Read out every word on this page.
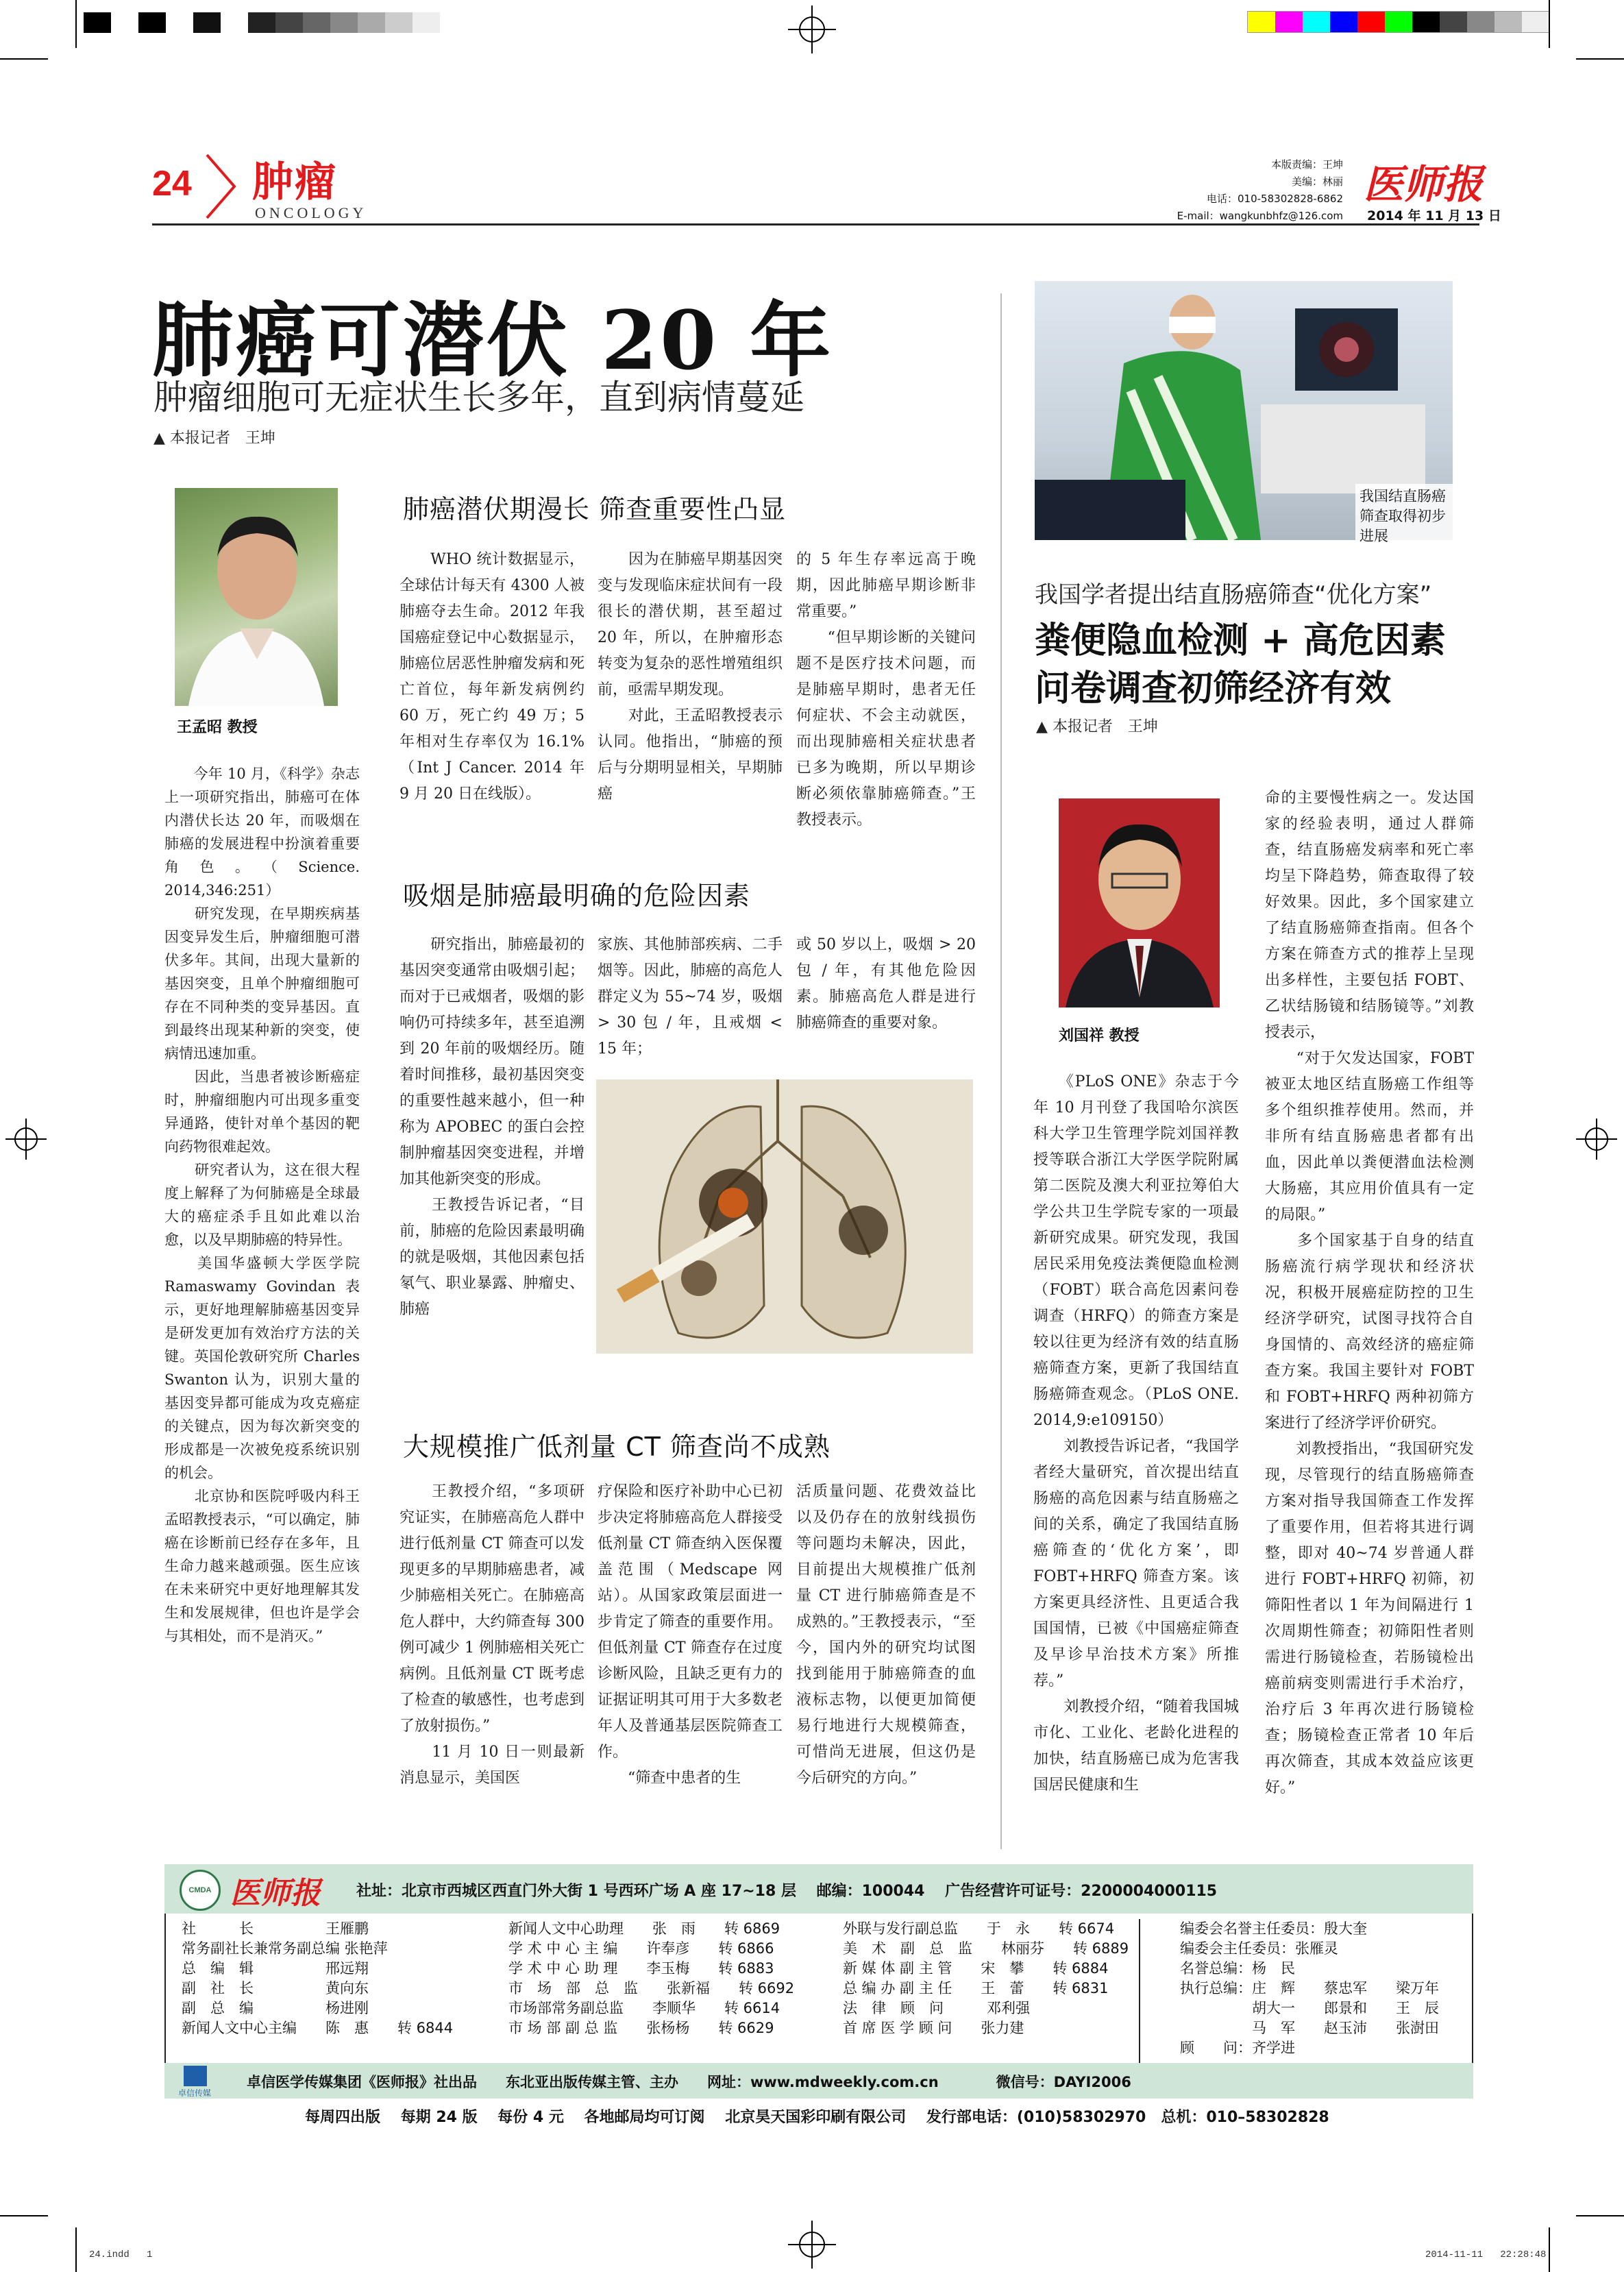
24 肿瘤
ONCOLOGY
本版责编：王坤
美编：林丽
电话：010-58302828-6862
E-mail：wangkunbhfz@126.com
医师报
2014 年 11 月 13 日
肺癌可潜伏 20 年
肿瘤细胞可无症状生长多年，直到病情蔓延
▲ 本报记者　王坤
王孟昭 教授
　　今年 10 月，《科学》杂志上一项研究指出，肺癌可在体内潜伏长达 20 年，而吸烟在肺癌的发展进程中扮演着重要角色。（Science. 2014,346:251）
　　研究发现，在早期疾病基因变异发生后，肿瘤细胞可潜伏多年。其间，出现大量新的基因突变，且单个肿瘤细胞可存在不同种类的变异基因。直到最终出现某种新的突变，使病情迅速加重。
　　因此，当患者被诊断癌症时，肿瘤细胞内可出现多重变异通路，使针对单个基因的靶向药物很难起效。
　　研究者认为，这在很大程度上解释了为何肺癌是全球最大的癌症杀手且如此难以治愈，以及早期肺癌的特异性。
　　美国华盛顿大学医学院 Ramaswamy Govindan 表示，更好地理解肺癌基因变异是研发更加有效治疗方法的关键。英国伦敦研究所 Charles Swanton 认为，识别大量的基因变异都可能成为攻克癌症的关键点，因为每次新突变的形成都是一次被免疫系统识别的机会。
　　北京协和医院呼吸内科王孟昭教授表示，“可以确定，肺癌在诊断前已经存在多年，且生命力越来越顽强。医生应该在未来研究中更好地理解其发生和发展规律，但也许是学会与其相处，而不是消灭。”
肺癌潜伏期漫长 筛查重要性凸显
　　WHO 统计数据显示，全球估计每天有 4300 人被肺癌夺去生命。2012 年我国癌症登记中心数据显示，肺癌位居恶性肿瘤发病和死亡首位，每年新发病例约 60 万，死亡约 49 万；5 年相对生存率仅为 16.1%（Int J Cancer. 2014 年 9 月 20 日在线版）。
　　因为在肺癌早期基因突变与发现临床症状间有一段很长的潜伏期，甚至超过 20 年，所以，在肿瘤形态转变为复杂的恶性增殖组织前，亟需早期发现。
　　对此，王孟昭教授表示认同。他指出，“肺癌的预后与分期明显相关，早期肺癌
的 5 年生存率远高于晚期，因此肺癌早期诊断非常重要。”
　　“但早期诊断的关键问题不是医疗技术问题，而是肺癌早期时，患者无任何症状、不会主动就医，而出现肺癌相关症状患者已多为晚期，所以早期诊断必须依靠肺癌筛查。”王教授表示。
吸烟是肺癌最明确的危险因素
　　研究指出，肺癌最初的基因突变通常由吸烟引起；而对于已戒烟者，吸烟的影响仍可持续多年，甚至追溯到 20 年前的吸烟经历。随着时间推移，最初基因突变的重要性越来越小，但一种称为 APOBEC 的蛋白会控制肿瘤基因突变进程，并增加其他新突变的形成。
　　王教授告诉记者，“目前，肺癌的危险因素最明确的就是吸烟，其他因素包括氡气、职业暴露、肿瘤史、肺癌
家族、其他肺部疾病、二手烟等。因此，肺癌的高危人群定义为 55~74 岁，吸烟 > 30 包 / 年，且戒烟 < 15 年；
或 50 岁以上，吸烟 > 20 包 / 年，有其他危险因素。肺癌高危人群是进行肺癌筛查的重要对象。
大规模推广低剂量 CT 筛查尚不成熟
　　王教授介绍，“多项研究证实，在肺癌高危人群中进行低剂量 CT 筛查可以发现更多的早期肺癌患者，减少肺癌相关死亡。在肺癌高危人群中，大约筛查每 300 例可减少 1 例肺癌相关死亡病例。且低剂量 CT 既考虑了检查的敏感性，也考虑到了放射损伤。”
　　11 月 10 日一则最新消息显示，美国医
疗保险和医疗补助中心已初步决定将肺癌高危人群接受低剂量 CT 筛查纳入医保覆盖范围（Medscape 网站）。从国家政策层面进一步肯定了筛查的重要作用。但低剂量 CT 筛查存在过度诊断风险，且缺乏更有力的证据证明其可用于大多数老年人及普通基层医院筛查工作。
　　“筛查中患者的生
活质量问题、花费效益比以及仍存在的放射线损伤等问题均未解决，因此，目前提出大规模推广低剂量 CT 进行肺癌筛查是不成熟的。”王教授表示，“至今，国内外的研究均试图找到能用于肺癌筛查的血液标志物，以便更加简便易行地进行大规模筛查，可惜尚无进展，但这仍是今后研究的方向。”
我国结直肠癌筛查取得初步进展
我国学者提出结直肠癌筛查“优化方案”
粪便隐血检测 + 高危因素
问卷调查初筛经济有效
▲ 本报记者　王坤
刘国祥 教授
　　《PLoS ONE》杂志于今年 10 月刊登了我国哈尔滨医科大学卫生管理学院刘国祥教授等联合浙江大学医学院附属第二医院及澳大利亚拉筹伯大学公共卫生学院专家的一项最新研究成果。研究发现，我国居民采用免疫法粪便隐血检测（FOBT）联合高危因素问卷调查（HRFQ）的筛查方案是较以往更为经济有效的结直肠癌筛查方案，更新了我国结直肠癌筛查观念。（PLoS ONE. 2014,9:e109150）
　　刘教授告诉记者，“我国学者经大量研究，首次提出结直肠癌的高危因素与结直肠癌之间的关系，确定了我国结直肠癌筛查的‘优化方案’，即 FOBT+HRFQ 筛查方案。该方案更具经济性、且更适合我国国情，已被《中国癌症筛查及早诊早治技术方案》所推荐。”
　　刘教授介绍，“随着我国城市化、工业化、老龄化进程的加快，结直肠癌已成为危害我国居民健康和生
命的主要慢性病之一。发达国家的经验表明，通过人群筛查，结直肠癌发病率和死亡率均呈下降趋势，筛查取得了较好效果。因此，多个国家建立了结直肠癌筛查指南。但各个方案在筛查方式的推荐上呈现出多样性，主要包括 FOBT、乙状结肠镜和结肠镜等。”刘教授表示，
　　“对于欠发达国家，FOBT 被亚太地区结直肠癌工作组等多个组织推荐使用。然而，并非所有结直肠癌患者都有出血，因此单以粪便潜血法检测大肠癌，其应用价值具有一定的局限。”
　　多个国家基于自身的结直肠癌流行病学现状和经济状况，积极开展癌症防控的卫生经济学研究，试图寻找符合自身国情的、高效经济的癌症筛查方案。我国主要针对 FOBT 和 FOBT+HRFQ 两种初筛方案进行了经济学评价研究。
　　刘教授指出，“我国研究发现，尽管现行的结直肠癌筛查方案对指导我国筛查工作发挥了重要作用，但若将其进行调整，即对 40~74 岁普通人群进行 FOBT+HRFQ 初筛，初筛阳性者以 1 年为间隔进行 1 次周期性筛查；初筛阳性者则需进行肠镜检查，若肠镜检出癌前病变则需进行手术治疗，治疗后 3 年再次进行肠镜检查；肠镜检查正常者 10 年后再次筛查，其成本效益应该更好。”
CMDA 医师报 社址：北京市西城区西直门外大街 1 号西环广场 A 座 17~18 层　 邮编：100044　 广告经营许可证号：2200004000115
社　　　长　　　　　王雁鹏
常务副社长兼常务副总编 张艳萍
总　编　辑　　　　　邢远翔
副　社　长　　　　　黄向东
副　总　编　　　　　杨进刚
新闻人文中心主编　　陈　惠　　转 6844
新闻人文中心助理　　张　雨　　转 6869
学 术 中 心 主 编　　许奉彦　　转 6866
学 术 中 心 助 理　　李玉梅　　转 6883
市　场　部　总　监　　张新福　　转 6692
市场部常务副总监　　李顺华　　转 6614
市 场 部 副 总 监　　张杨杨　　转 6629
外联与发行副总监　　于　永　　转 6674
美　术　副　总　监　　林丽芬　　转 6889
新 媒 体 副 主 管　　宋　攀　　转 6884
总 编 办 副 主 任　　王　蕾　　转 6831
法　律　顾　问　　　邓利强
首 席 医 学 顾 问　　张力建
编委会名誉主任委员：殷大奎
编委会主任委员：张雁灵
名誉总编：杨　民
执行总编：庄　辉　　蔡忠军　　梁万年
　　　　　胡大一　　郎景和　　王　辰
　　　　　马　军　　赵玉沛　　张澍田
顾　　问：齐学进
卓信传媒
卓信医学传媒集团《医师报》社出品　　东北亚出版传媒主管、主办　　网址：www.mdweekly.com.cn　　　　微信号：DAYI2006
每周四出版　 每期 24 版　 每份 4 元　 各地邮局均可订阅　 北京昊天国彩印刷有限公司　 发行部电话：(010)58302970　总机：010–58302828
24.indd   1	2014-11-11   22:28:48
